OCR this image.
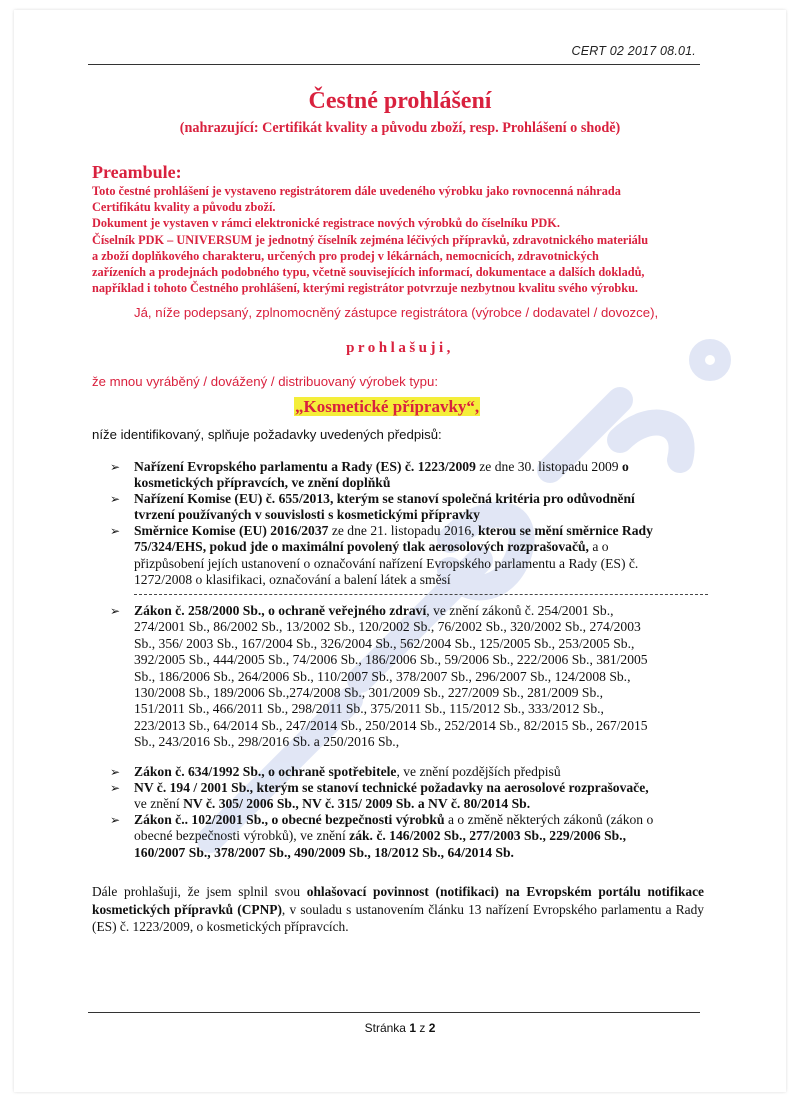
CERT 02 2017 08.01.
Čestné prohlášení
(nahrazující: Certifikát kvality a původu zboží, resp. Prohlášení o shodě)
Preambule:

Toto čestné prohlášení je vystaveno registrátorem dále uvedeného výrobku jako rovnocenná náhrada

Certifikátu kvality a původu zboží.

Dokument je vystaven v rámci elektronické registrace nových výrobků do číselníku PDK.

Číselník PDK – UNIVERSUM je jednotný číselník zejména léčivých přípravků, zdravotnického materiálu

a zboží doplňkového charakteru, určených pro prodej v lékárnách, nemocnicích, zdravotnických

zařízeních a prodejnách podobného typu, včetně souvisejících informací, dokumentace a dalších dokladů,

například i tohoto Čestného prohlášení, kterými registrátor potvrzuje nezbytnou kvalitu svého výrobku.

Já, níže podepsaný, zplnomocněný zástupce registrátora (výrobce / dodavatel / dovozce),
prohlašuji,
že mnou vyráběný / dovážený / distribuovaný výrobek typu:
„Kosmetické přípravky“,
níže identifikovaný, splňuje požadavky uvedených předpisů:
➢ Nařízení Evropského parlamentu a Rady (ES) č. 1223/2009 ze dne 30. listopadu 2009 o
kosmetických přípravcích, ve znění doplňků
➢ Nařízení Komise (EU) č. 655/2013, kterým se stanoví společná kritéria pro odůvodnění
tvrzení používaných v souvislosti s kosmetickými přípravky
➢ Směrnice Komise (EU) 2016/2037 ze dne 21. listopadu 2016, kterou se mění směrnice Rady
75/324/EHS, pokud jde o maximální povolený tlak aerosolových rozprašovačů, a o
přizpůsobení jejích ustanovení o označování nařízení Evropského parlamentu a Rady (ES) č.
1272/2008 o klasifikaci, označování a balení látek a směsí
➢ Zákon č. 258/2000 Sb., o ochraně veřejného zdraví, ve znění zákonů č. 254/2001 Sb.,
274/2001 Sb., 86/2002 Sb., 13/2002 Sb., 120/2002 Sb., 76/2002 Sb., 320/2002 Sb., 274/2003
Sb., 356/ 2003 Sb., 167/2004 Sb., 326/2004 Sb., 562/2004 Sb., 125/2005 Sb., 253/2005 Sb.,
392/2005 Sb., 444/2005 Sb., 74/2006 Sb., 186/2006 Sb., 59/2006 Sb., 222/2006 Sb., 381/2005
Sb., 186/2006 Sb., 264/2006 Sb., 110/2007 Sb., 378/2007 Sb., 296/2007 Sb., 124/2008 Sb.,
130/2008 Sb., 189/2006 Sb.,274/2008 Sb., 301/2009 Sb., 227/2009 Sb., 281/2009 Sb.,
151/2011 Sb., 466/2011 Sb., 298/2011 Sb., 375/2011 Sb., 115/2012 Sb., 333/2012 Sb.,
223/2013 Sb., 64/2014 Sb., 247/2014 Sb., 250/2014 Sb., 252/2014 Sb., 82/2015 Sb., 267/2015
Sb., 243/2016 Sb., 298/2016 Sb. a 250/2016 Sb.,
➢ Zákon č. 634/1992 Sb., o ochraně spotřebitele, ve znění pozdějších předpisů
➢ NV č. 194 / 2001 Sb., kterým se stanoví technické požadavky na aerosolové rozprašovače,
ve znění NV č. 305/ 2006 Sb., NV č. 315/ 2009 Sb. a NV č. 80/2014 Sb.
➢ Zákon č.. 102/2001 Sb., o obecné bezpečnosti výrobků a o změně některých zákonů (zákon o
obecné bezpečnosti výrobků), ve znění zák. č. 146/2002 Sb., 277/2003 Sb., 229/2006 Sb.,
160/2007 Sb., 378/2007 Sb., 490/2009 Sb., 18/2012 Sb., 64/2014 Sb.
Dále prohlašuji, že jsem splnil svou ohlašovací povinnost (notifikaci) na Evropském portálu notifikace kosmetických přípravků (CPNP), v souladu s ustanovením článku 13 nařízení Evropského parlamentu a Rady (ES) č. 1223/2009, o kosmetických přípravcích.
Stránka 1 z 2
